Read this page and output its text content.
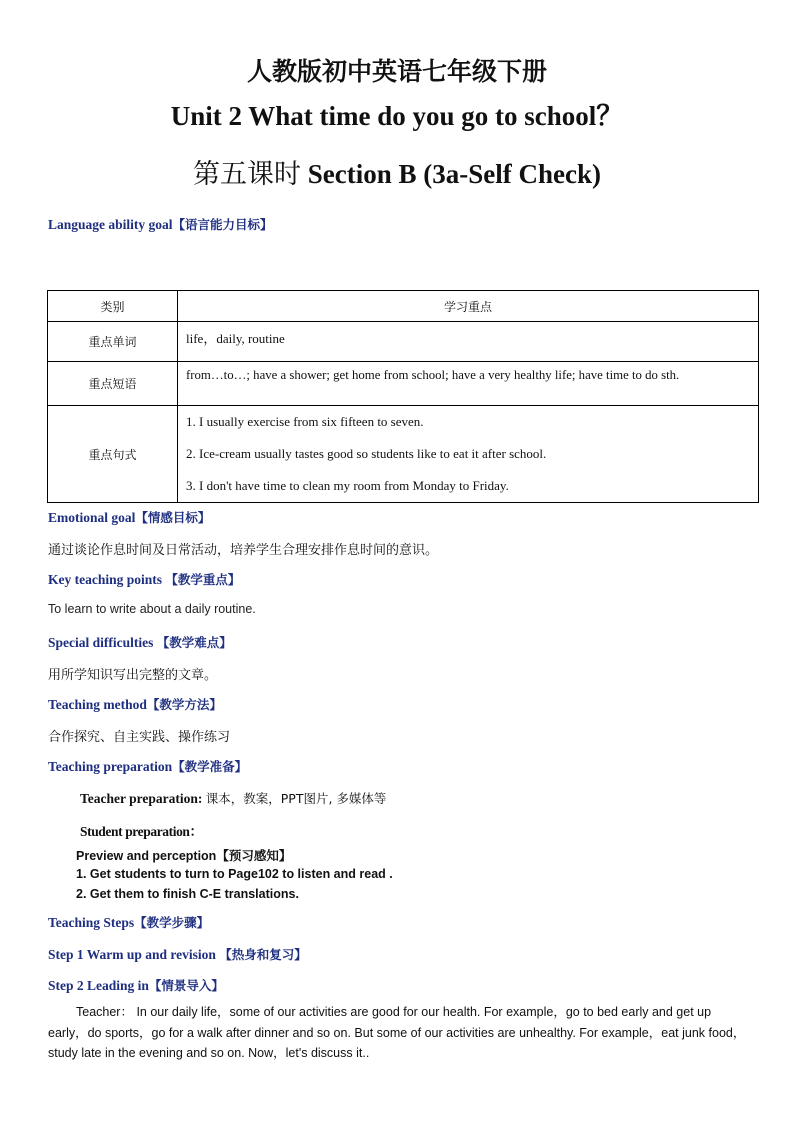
人教版初中英语七年级下册
Unit 2 What time do you go to school？
第五课时 Section B (3a-Self Check)
Language ability goal【语言能力目标】
类别	学习重点
重点单词	life，daily, routine
重点短语	from…to…; have a shower; get home from school; have a very healthy life; have time to do sth.
重点句式	1. I usually exercise from six fifteen to seven.
2. Ice-cream usually tastes good so students like to eat it after school.
3. I don't have time to clean my room from Monday to Friday.
Emotional goal【情感目标】
通过谈论作息时间及日常活动，培养学生合理安排作息时间的意识。
Key teaching points 【教学重点】
To learn to write about a daily routine.
Special difficulties 【教学难点】
用所学知识写出完整的文章。
Teaching method【教学方法】
合作探究、自主实践、操作练习
Teaching preparation【教学准备】
Teacher preparation: 课本，教案，PPT图片, 多媒体等
Student preparation：
Preview and perception【预习感知】
1. Get students to turn to Page102 to listen and read .
2. Get them to finish C-E translations.
Teaching Steps【教学步骤】
Step 1 Warm up and revision 【热身和复习】
Step 2 Leading in【情景导入】
Teacher： In our daily life，some of our activities are good for our health. For example，go to bed early and get up early，do sports，go for a walk after dinner and so on. But some of our activities are unhealthy. For example，eat junk food，study late in the evening and so on. Now，let's discuss it..
